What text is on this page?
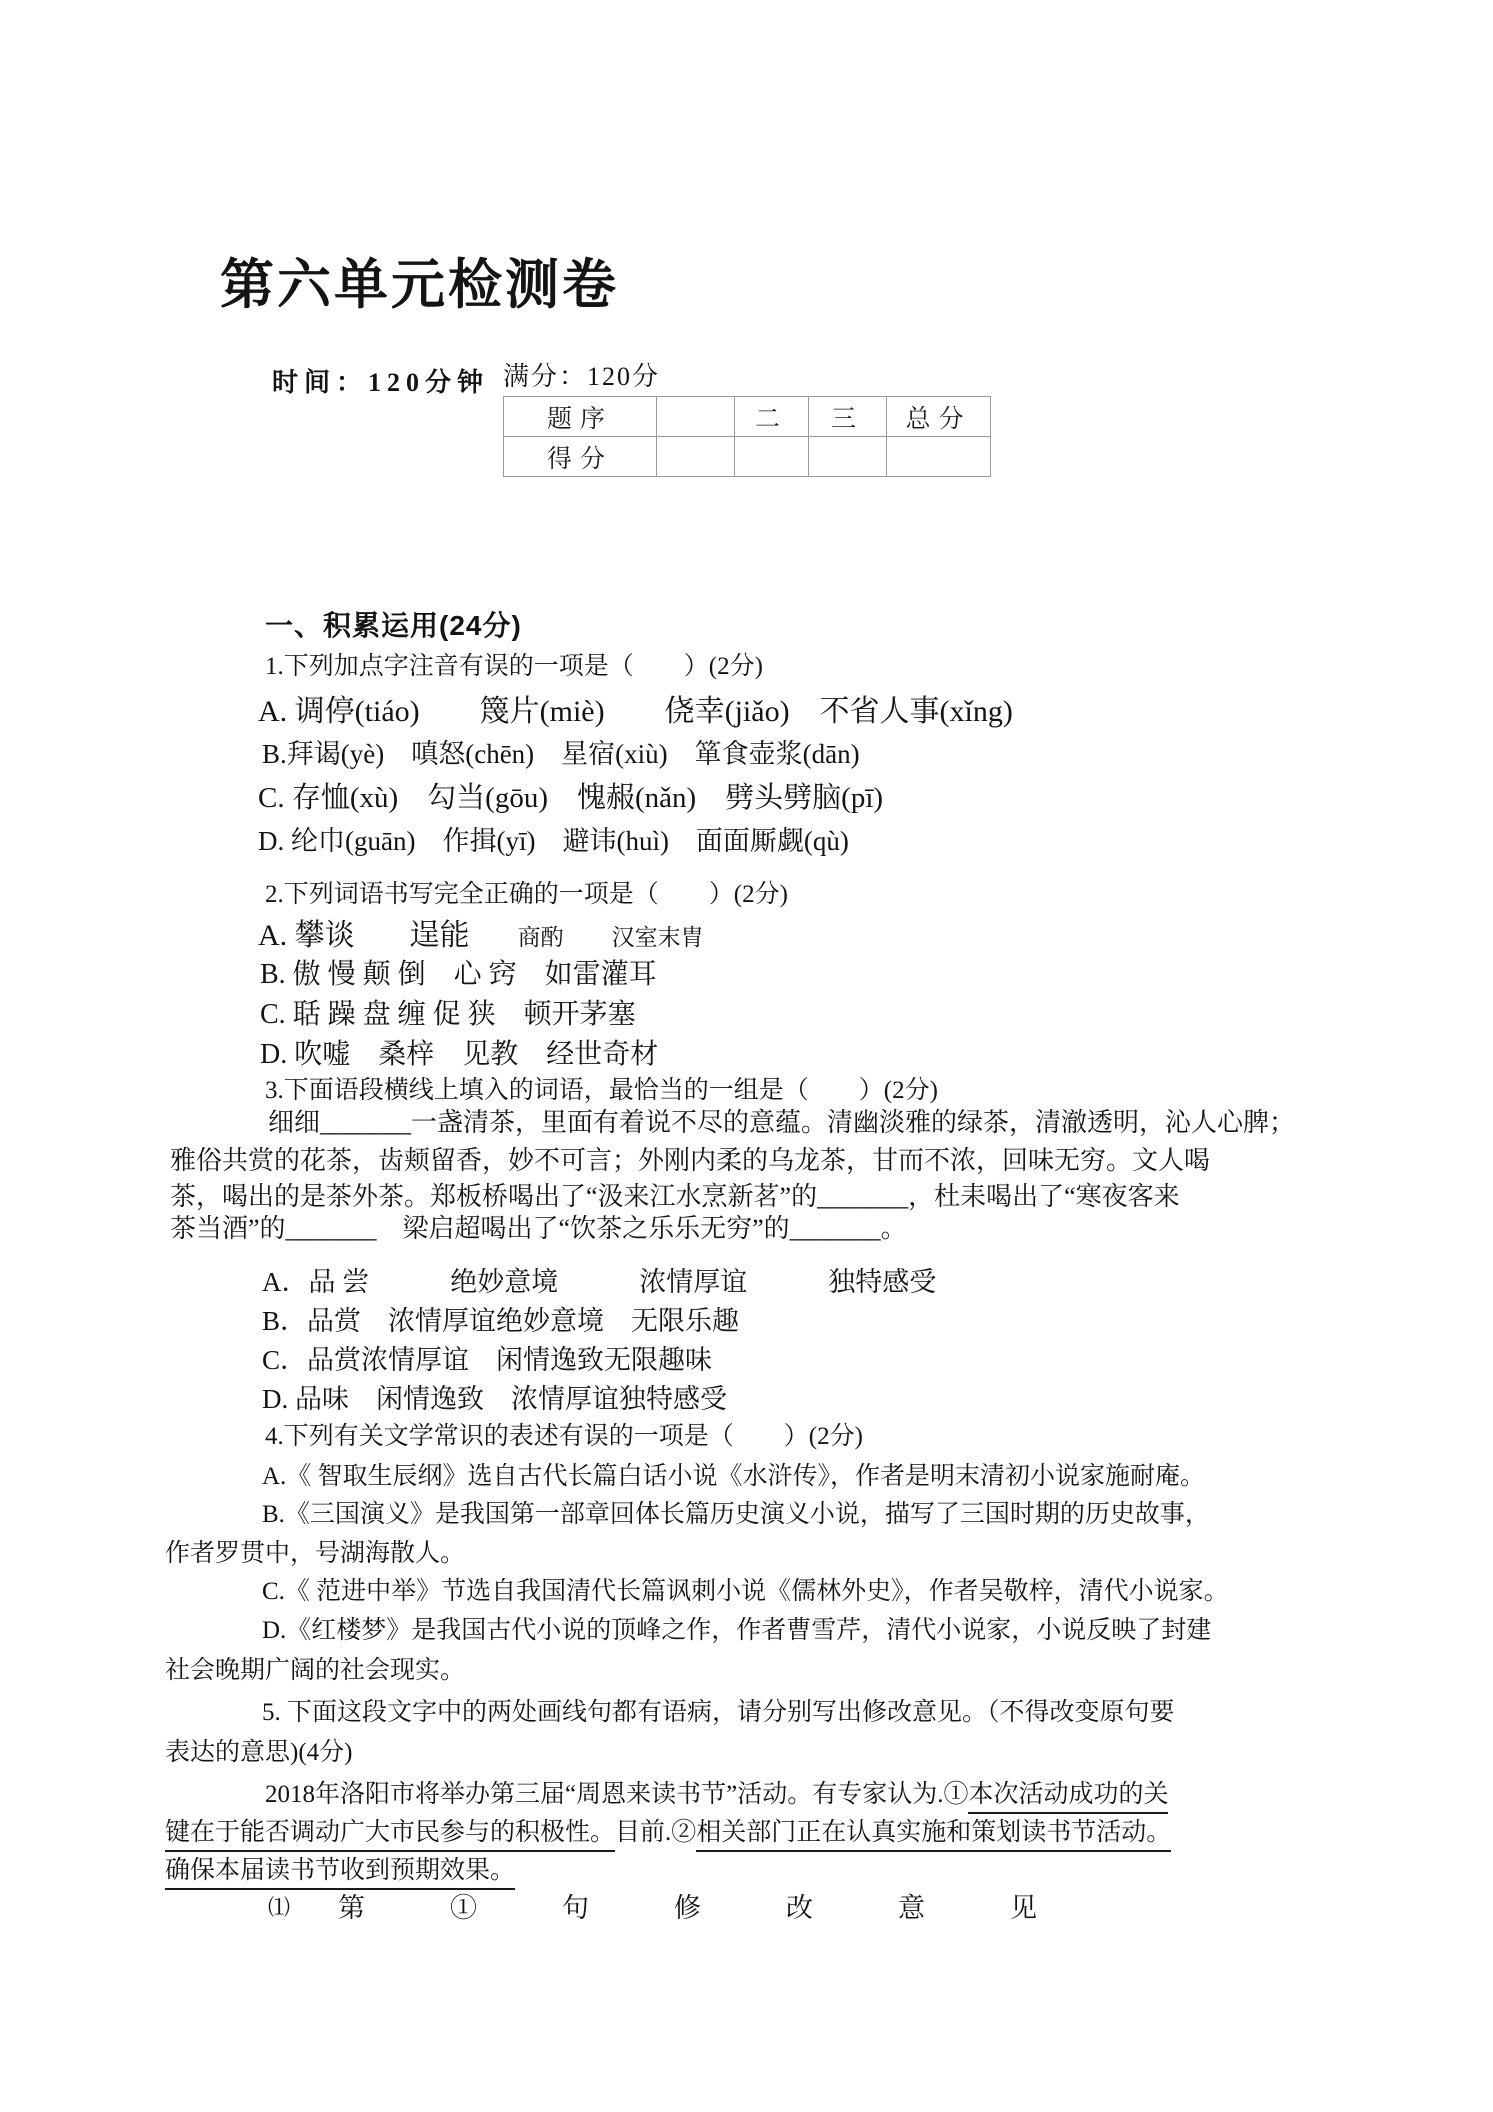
第六单元检测卷
时间：120分钟 满分：120分
题序		二	三	总分
得分				
一、积累运用(24分)
1.下列加点字注音有误的一项是（　　）(2分)
A. 调停(tiáo)　　篾片(miè)　　侥幸(jiǎo)　不省人事(xǐng)
B.拜谒(yè)　嗔怒(chēn)　星宿(xiù)　箪食壶浆(dān)
C. 存恤(xù)　勾当(gōu)　愧赧(nǎn)　劈头劈脑(pī)
D. 纶巾(guān)　作揖(yī)　避讳(huì)　面面厮觑(qù)
2.下列词语书写完全正确的一项是（　　）(2分)
A. 攀谈 逞能 商酌 汉室末胄
B. 傲 慢 颠 倒　心 窍　如雷灌耳
C. 聒 躁 盘 缠 促 狭　顿开茅塞
D. 吹嘘　桑梓　见教　经世奇材
3.下面语段横线上填入的词语，最恰当的一组是（　　）(2分)
细细_______一盏清茶，里面有着说不尽的意蕴。清幽淡雅的绿茶，清澈透明，沁人心脾；
雅俗共赏的花茶，齿颊留香，妙不可言；外刚内柔的乌龙茶，甘而不浓，回味无穷。文人喝
茶，喝出的是茶外茶。郑板桥喝出了“汲来江水烹新茗”的_______，杜耒喝出了“寒夜客来
茶当酒”的_______　梁启超喝出了“饮茶之乐乐无穷”的_______。
A．品 尝　　　绝妙意境　　　浓情厚谊　　　独特感受
B．品赏　浓情厚谊绝妙意境　无限乐趣
C．品赏浓情厚谊　闲情逸致无限趣味
D. 品味　闲情逸致　浓情厚谊独特感受
4.下列有关文学常识的表述有误的一项是（　　）(2分)
A.《 智取生辰纲》选自古代长篇白话小说《水浒传》，作者是明末清初小说家施耐庵。
B.《三国演义》是我国第一部章回体长篇历史演义小说，描写了三国时期的历史故事，
作者罗贯中，号湖海散人。
C.《 范进中举》节选自我国清代长篇讽刺小说《儒林外史》，作者吴敬梓，清代小说家。
D.《红楼梦》是我国古代小说的顶峰之作，作者曹雪芹，清代小说家，小说反映了封建
社会晚期广阔的社会现实。
5. 下面这段文字中的两处画线句都有语病，请分别写出修改意见。（不得改变原句要
表达的意思)(4分)
2018年洛阳市将举办第三届“周恩来读书节”活动。有专家认为.①本次活动成功的关
键在于能否调动广大市民参与的积极性。目前.②相关部门正在认真实施和策划读书节活动。
确保本届读书节收到预期效果。
⑴ 第①句修改意见
